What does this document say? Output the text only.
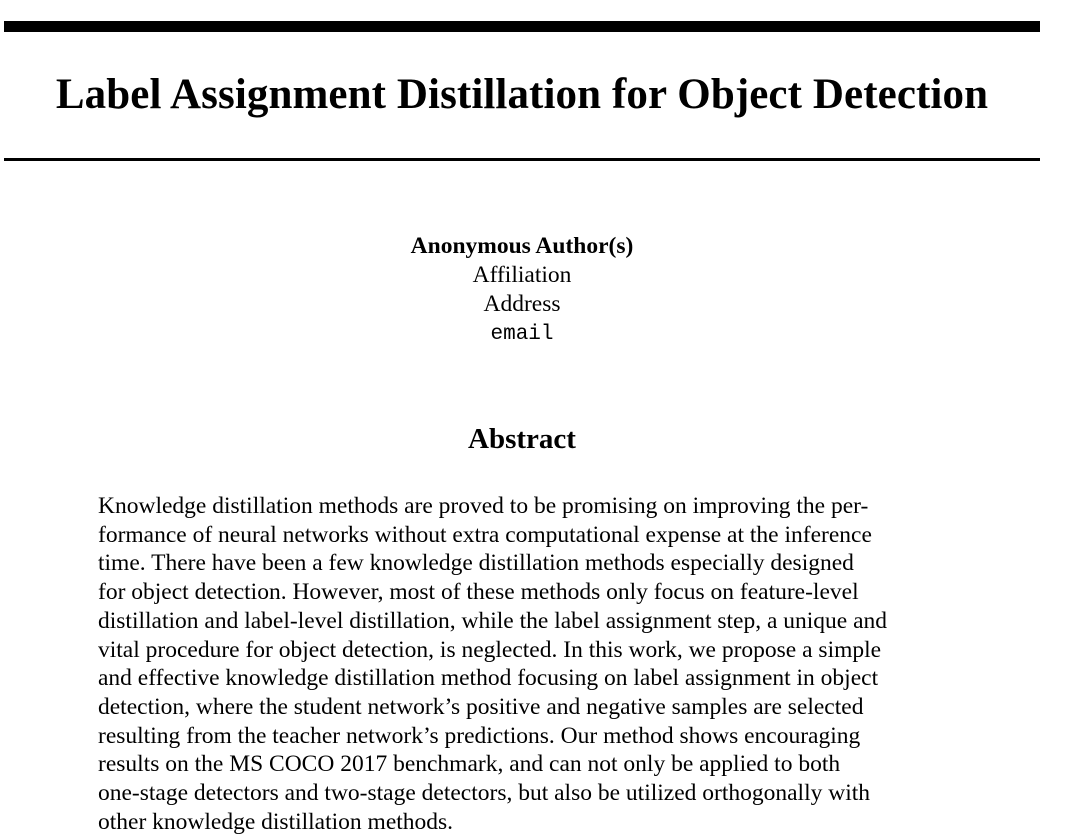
Label Assignment Distillation for Object Detection
Anonymous Author(s)
Affiliation
Address
email
Abstract
Knowledge distillation methods are proved to be promising on improving the per-
formance of neural networks without extra computational expense at the inference
time. There have been a few knowledge distillation methods especially designed
for object detection. However, most of these methods only focus on feature-level
distillation and label-level distillation, while the label assignment step, a unique and
vital procedure for object detection, is neglected. In this work, we propose a simple
and effective knowledge distillation method focusing on label assignment in object
detection, where the student network’s positive and negative samples are selected
resulting from the teacher network’s predictions. Our method shows encouraging
results on the MS COCO 2017 benchmark, and can not only be applied to both
one-stage detectors and two-stage detectors, but also be utilized orthogonally with
other knowledge distillation methods.
